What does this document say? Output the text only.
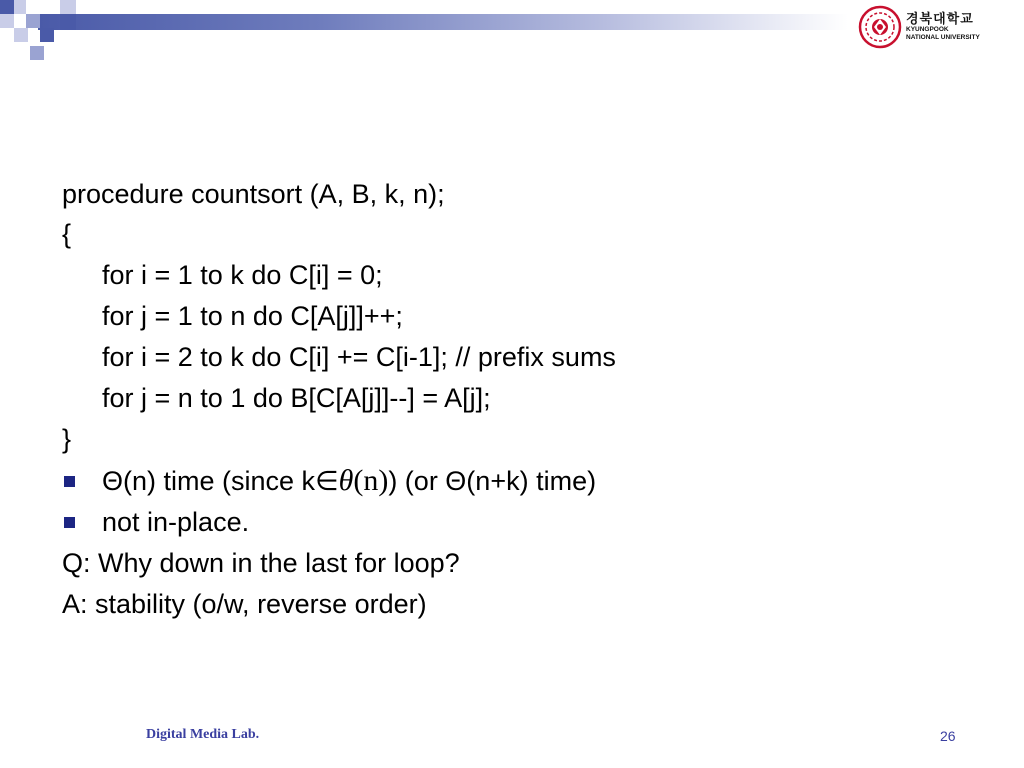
경북대학교
KYUNGPOOK
NATIONAL UNIVERSITY
procedure countsort (A, B, k, n);
{
for i = 1 to k do C[i] = 0;
for j = 1 to n do C[A[j]]++;
for i = 2 to k do C[i] += C[i-1]; // prefix sums
for j = n to 1 do B[C[A[j]]--] = A[j];
}
Θ(n) time (since k∈θ(n)) (or Θ(n+k) time)
not in-place.
Q: Why down in the last for loop?
A: stability (o/w, reverse order)
Digital Media Lab.	26
